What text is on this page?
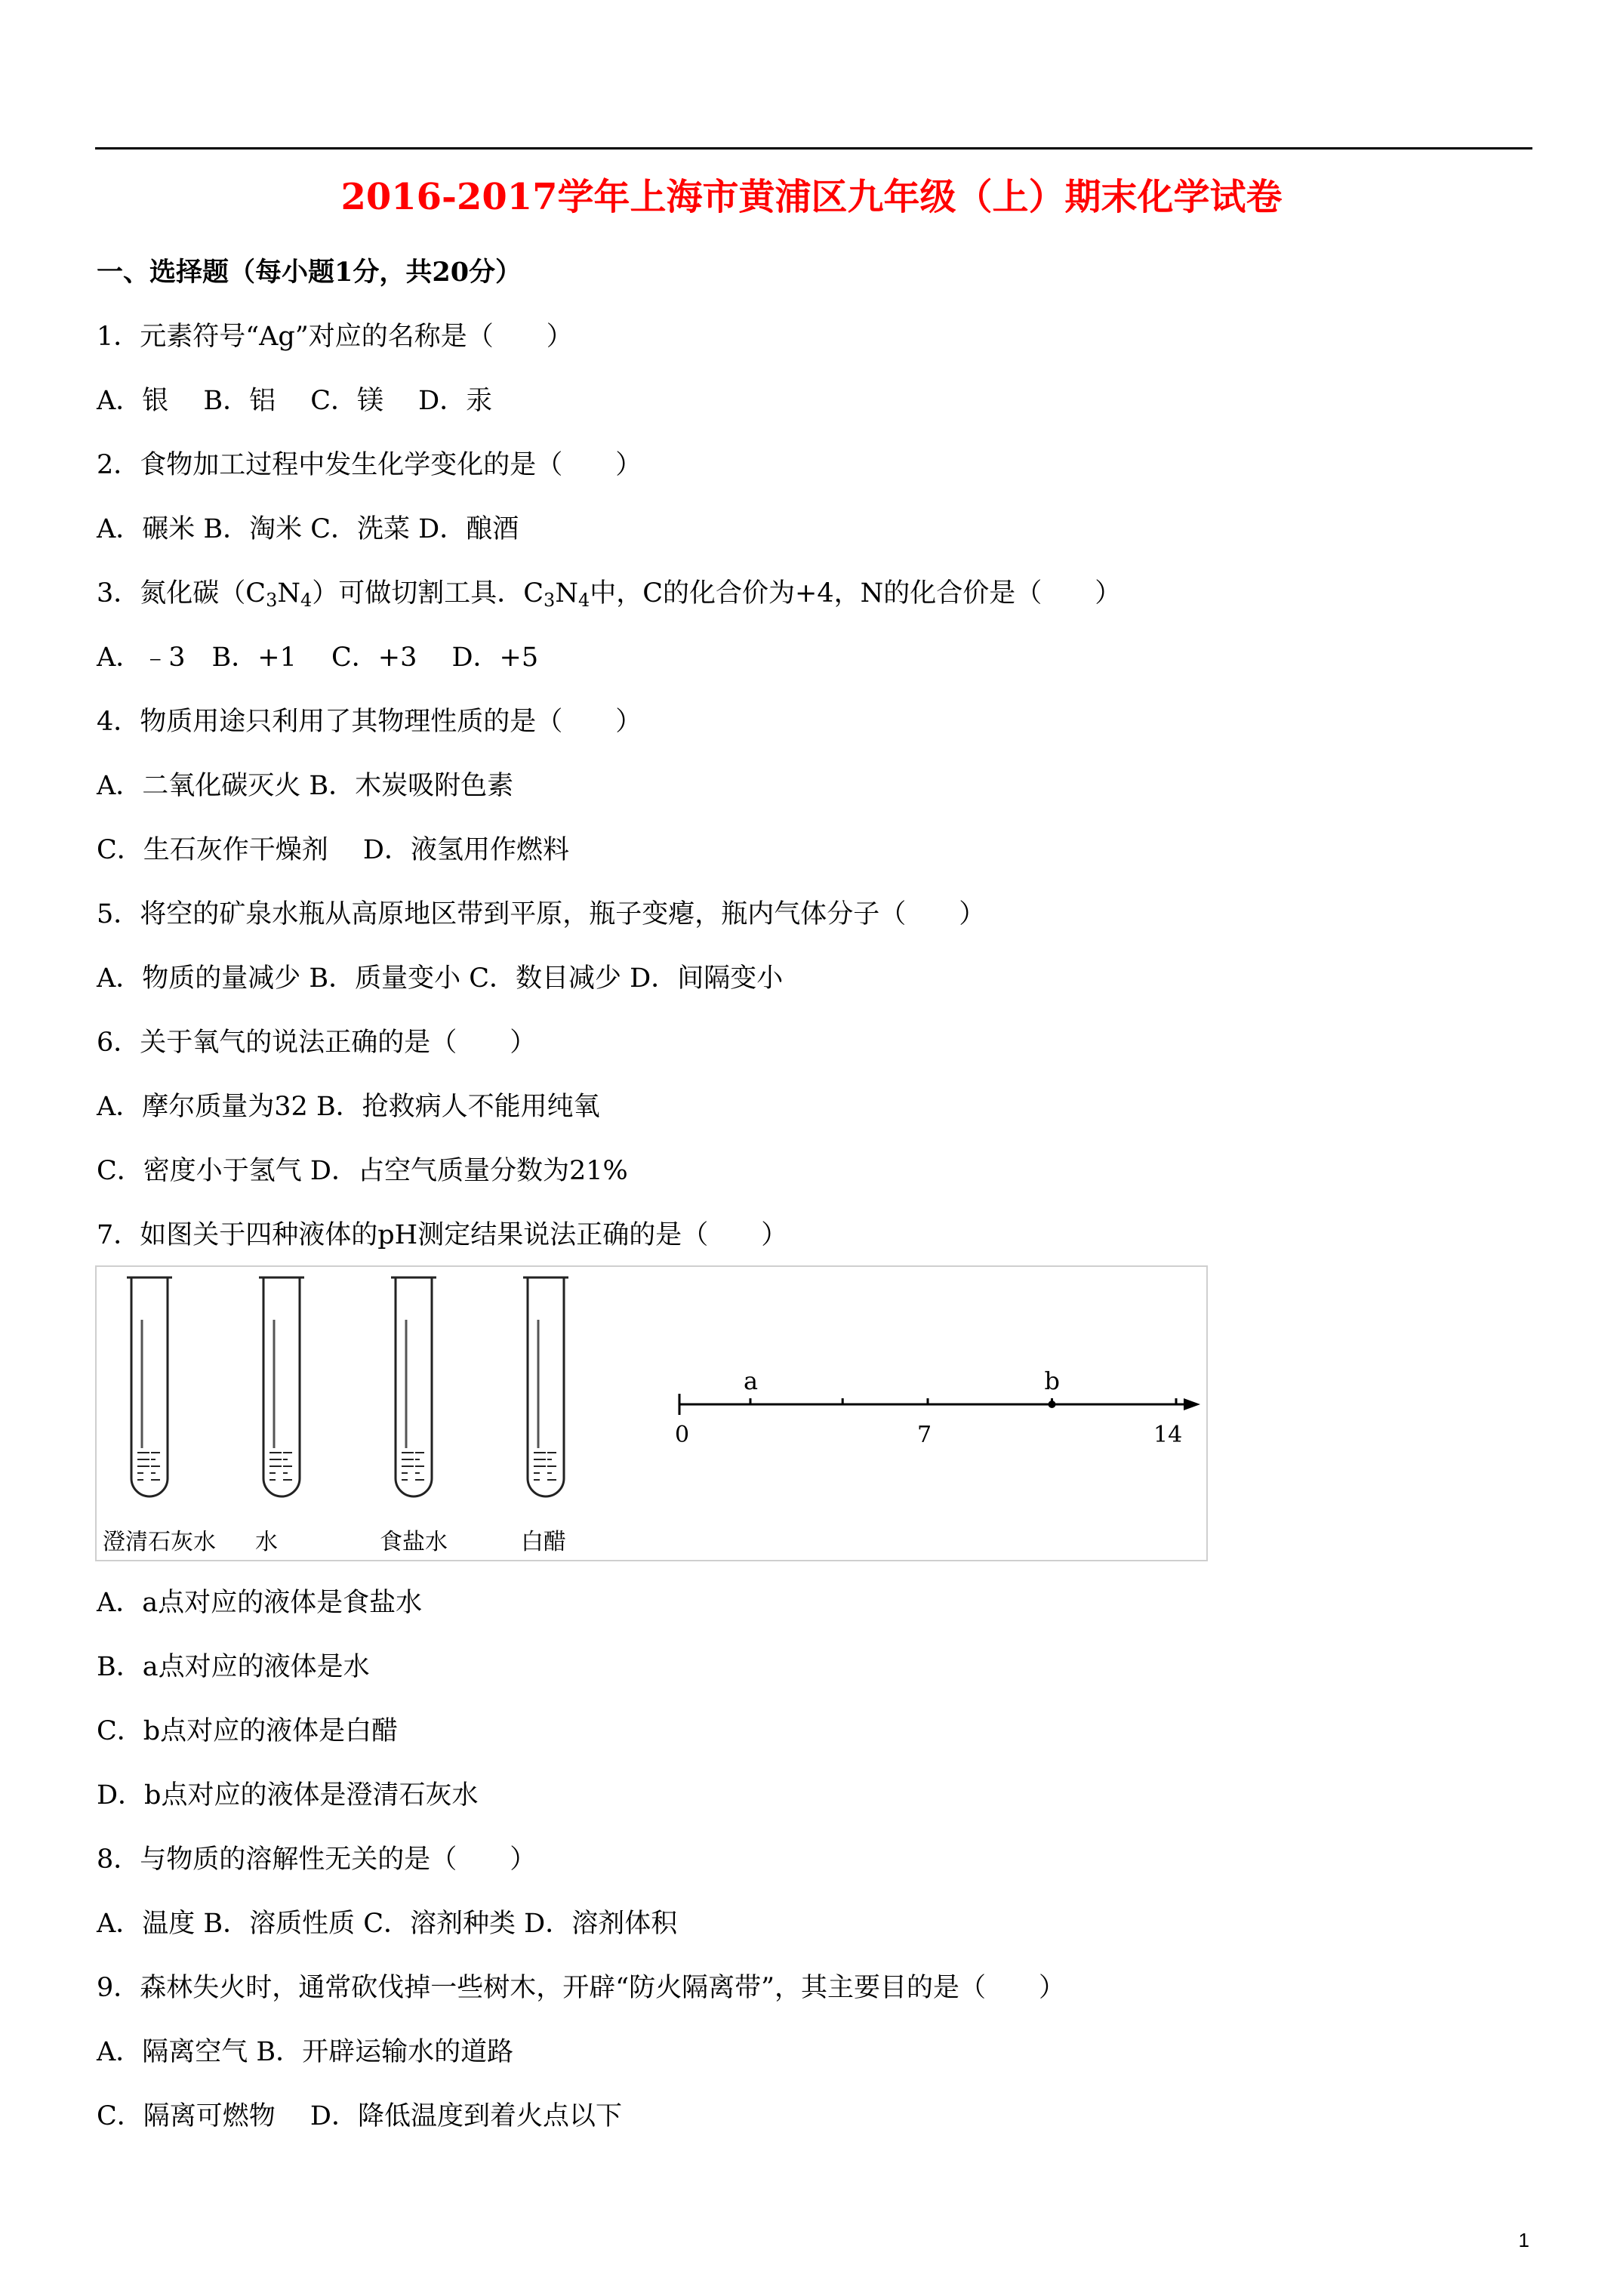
2016-2017学年上海市黄浦区九年级（上）期末化学试卷
一、选择题（每小题1分，共20分）
1．元素符号“Ag”对应的名称是（　　）
A．银　 B．铝　 C．镁　 D．汞
2．食物加工过程中发生化学变化的是（　　）
A．碾米 B．淘米 C．洗菜 D．酿酒
3．氮化碳$(C_3N_4)$可做切割工具．$C_3N_4$中，C的化合价为+4，N的化合价是（　　）
A．﹣3　B．+1　 C．+3　 D．+5
4．物质用途只利用了其物理性质的是（　　）
A．二氧化碳灭火 B．木炭吸附色素
C．生石灰作干燥剂　 D．液氢用作燃料
5．将空的矿泉水瓶从高原地区带到平原，瓶子变瘪，瓶内气体分子（　　）
A．物质的量减少 B．质量变小 C．数目减少 D．间隔变小
6．关于氧气的说法正确的是（　　）
A．摩尔质量为32 B．抢救病人不能用纯氧
C．密度小于氢气 D．占空气质量分数为21%
7．如图关于四种液体的pH测定结果说法正确的是（　　）
澄清石灰水 水	食盐水	白醋
0	7	14
a	b
A．a点对应的液体是食盐水
B．a点对应的液体是水
C．b点对应的液体是白醋
D．b点对应的液体是澄清石灰水
8．与物质的溶解性无关的是（　　）
A．温度 B．溶质性质 C．溶剂种类 D．溶剂体积
9．森林失火时，通常砍伐掉一些树木，开辟“防火隔离带”，其主要目的是（　　）
A．隔离空气 B．开辟运输水的道路
C．隔离可燃物　 D．降低温度到着火点以下
1
